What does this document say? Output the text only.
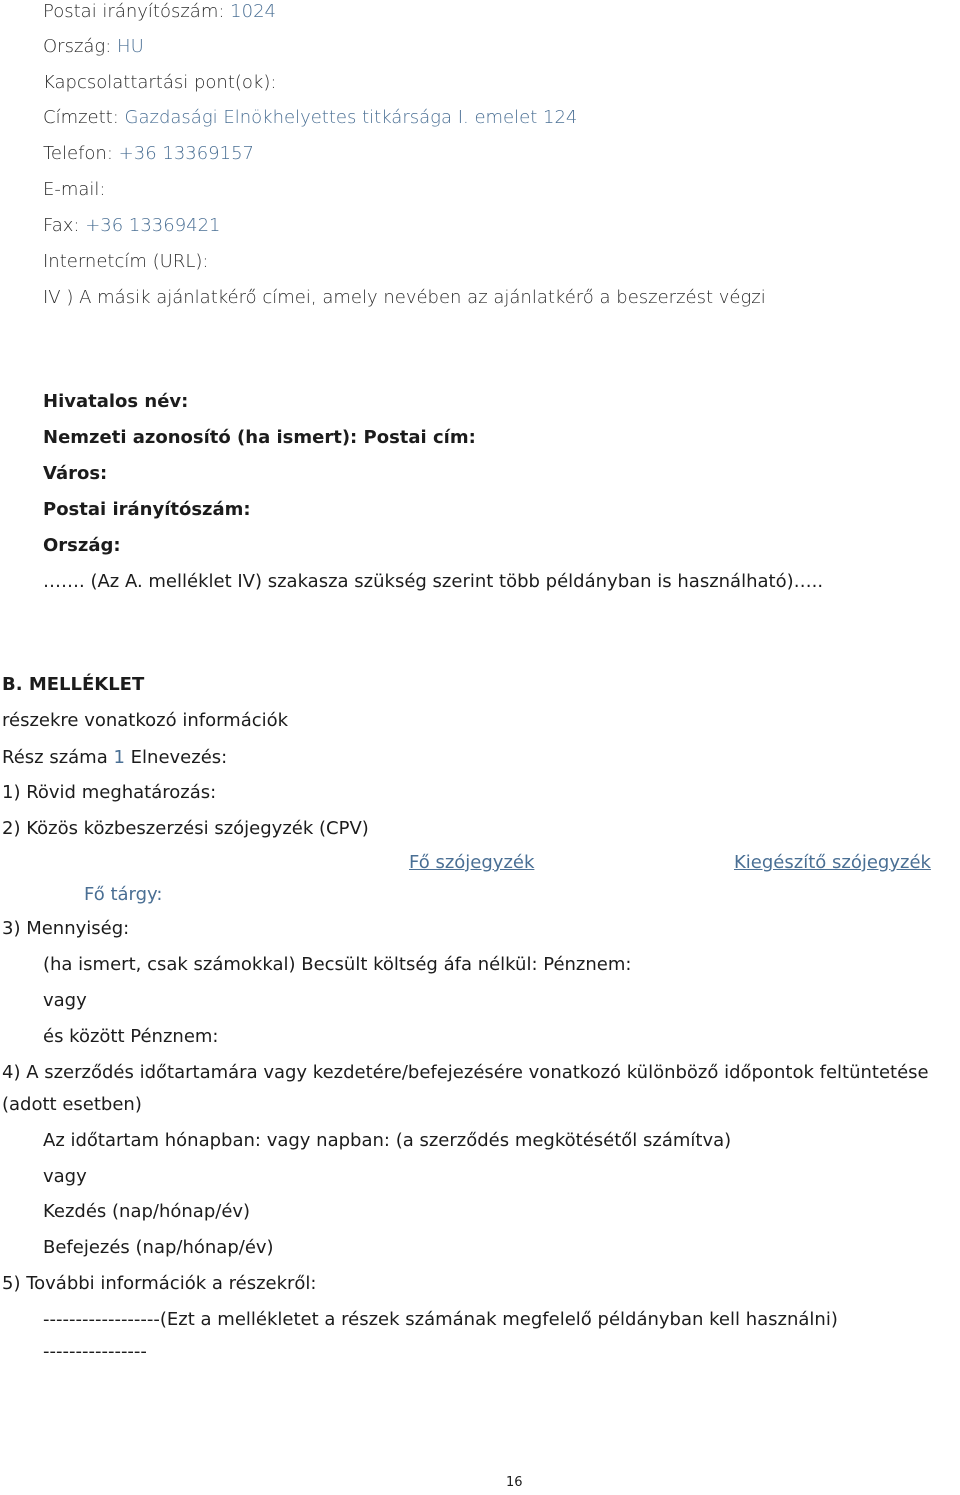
Postai irányítószám: 1024
Ország: HU
Kapcsolattartási pont(ok):
Címzett: Gazdasági Elnökhelyettes titkársága I. emelet 124
Telefon: +36 13369157
E-mail:
Fax: +36 13369421
Internetcím (URL):
IV ) A másik ajánlatkérő címei, amely nevében az ajánlatkérő a beszerzést végzi
Hivatalos név:
Nemzeti azonosító (ha ismert): Postai cím:
Város:
Postai irányítószám:
Ország:
……. (Az A. melléklet IV) szakasza szükség szerint több példányban is használható)…..
B. MELLÉKLET
részekre vonatkozó információk
Rész száma 1 Elnevezés:
1) Rövid meghatározás:
2) Közös közbeszerzési szójegyzék (CPV)
Fő szójegyzék	Kiegészítő szójegyzék
Fő tárgy:
3) Mennyiség:
(ha ismert, csak számokkal) Becsült költség áfa nélkül: Pénznem:
vagy
és között Pénznem:
4) A szerződés időtartamára vagy kezdetére/befejezésére vonatkozó különböző időpontok feltüntetése
(adott esetben)
Az időtartam hónapban: vagy napban: (a szerződés megkötésétől számítva)
vagy
Kezdés (nap/hónap/év)
Befejezés (nap/hónap/év)
5) További információk a részekről:
------------------(Ezt a mellékletet a részek számának megfelelő példányban kell használni)
----------------
16
